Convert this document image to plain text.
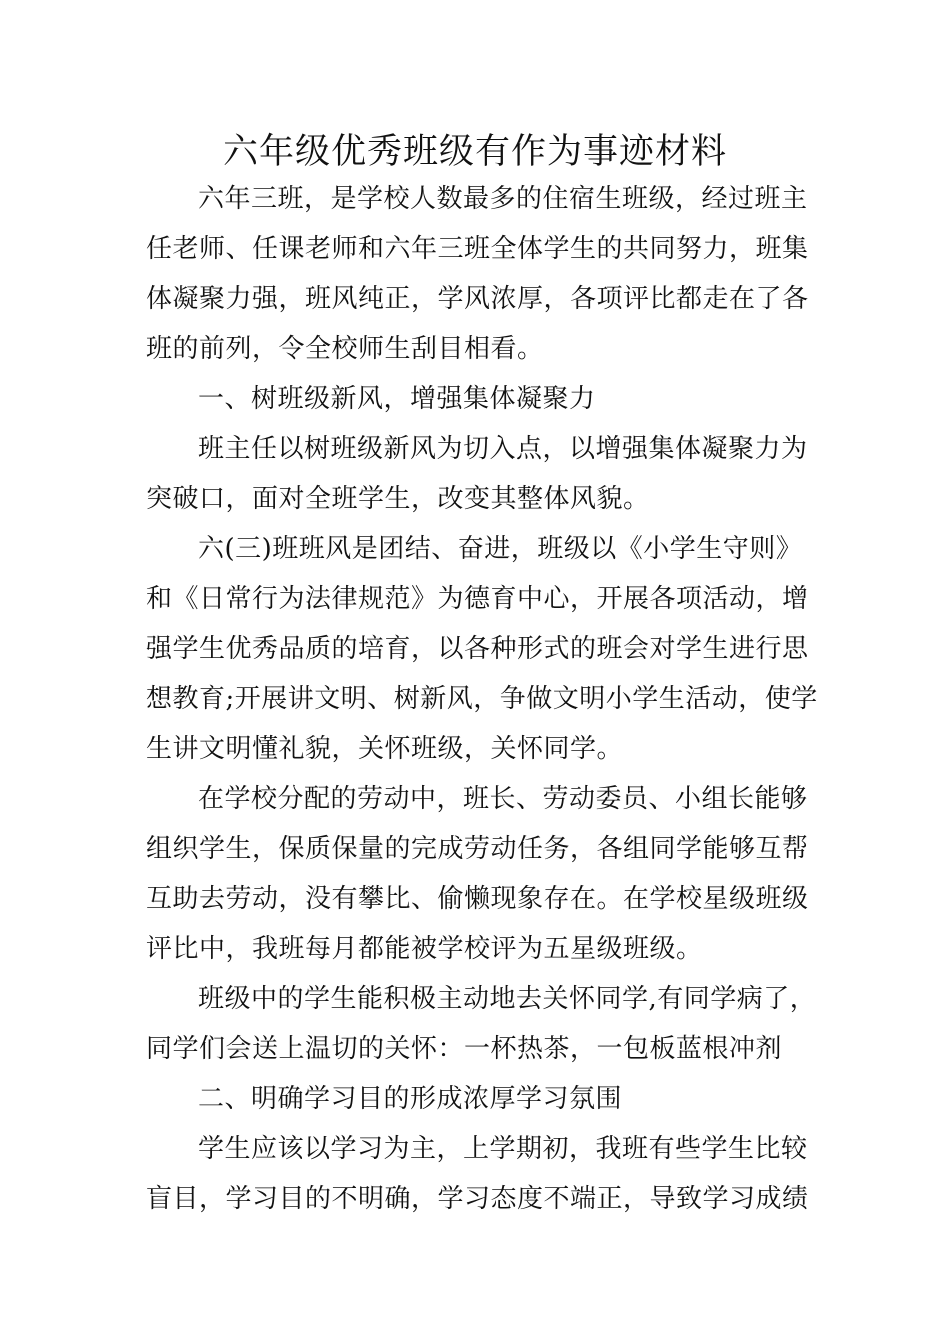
六年级优秀班级有作为事迹材料
六年三班，是学校人数最多的住宿生班级，经过班主
任老师、任课老师和六年三班全体学生的共同努力，班集
体凝聚力强，班风纯正，学风浓厚，各项评比都走在了各
班的前列，令全校师生刮目相看。
一、树班级新风，增强集体凝聚力
班主任以树班级新风为切入点，以增强集体凝聚力为
突破口，面对全班学生，改变其整体风貌。
六(三)班班风是团结、奋进，班级以《小学生守则》
和《日常行为法律规范》为德育中心，开展各项活动，增
强学生优秀品质的培育，以各种形式的班会对学生进行思
想教育;开展讲文明、树新风，争做文明小学生活动，使学
生讲文明懂礼貌，关怀班级，关怀同学。
在学校分配的劳动中，班长、劳动委员、小组长能够
组织学生，保质保量的完成劳动任务，各组同学能够互帮
互助去劳动，没有攀比、偷懒现象存在。在学校星级班级
评比中，我班每月都能被学校评为五星级班级。
班级中的学生能积极主动地去关怀同学,有同学病了，
同学们会送上温切的关怀：一杯热茶，一包板蓝根冲剂
二、明确学习目的形成浓厚学习氛围
学生应该以学习为主，上学期初，我班有些学生比较
盲目，学习目的不明确，学习态度不端正，导致学习成绩
